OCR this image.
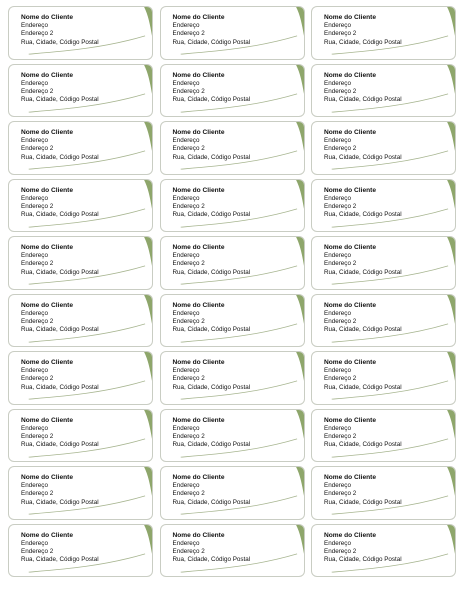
Nome do Cliente
Endereço
Endereço 2
Rua, Cidade, Código Postal
Nome do Cliente
Endereço
Endereço 2
Rua, Cidade, Código Postal
Nome do Cliente
Endereço
Endereço 2
Rua, Cidade, Código Postal
Nome do Cliente
Endereço
Endereço 2
Rua, Cidade, Código Postal
Nome do Cliente
Endereço
Endereço 2
Rua, Cidade, Código Postal
Nome do Cliente
Endereço
Endereço 2
Rua, Cidade, Código Postal
Nome do Cliente
Endereço
Endereço 2
Rua, Cidade, Código Postal
Nome do Cliente
Endereço
Endereço 2
Rua, Cidade, Código Postal
Nome do Cliente
Endereço
Endereço 2
Rua, Cidade, Código Postal
Nome do Cliente
Endereço
Endereço 2
Rua, Cidade, Código Postal
Nome do Cliente
Endereço
Endereço 2
Rua, Cidade, Código Postal
Nome do Cliente
Endereço
Endereço 2
Rua, Cidade, Código Postal
Nome do Cliente
Endereço
Endereço 2
Rua, Cidade, Código Postal
Nome do Cliente
Endereço
Endereço 2
Rua, Cidade, Código Postal
Nome do Cliente
Endereço
Endereço 2
Rua, Cidade, Código Postal
Nome do Cliente
Endereço
Endereço 2
Rua, Cidade, Código Postal
Nome do Cliente
Endereço
Endereço 2
Rua, Cidade, Código Postal
Nome do Cliente
Endereço
Endereço 2
Rua, Cidade, Código Postal
Nome do Cliente
Endereço
Endereço 2
Rua, Cidade, Código Postal
Nome do Cliente
Endereço
Endereço 2
Rua, Cidade, Código Postal
Nome do Cliente
Endereço
Endereço 2
Rua, Cidade, Código Postal
Nome do Cliente
Endereço
Endereço 2
Rua, Cidade, Código Postal
Nome do Cliente
Endereço
Endereço 2
Rua, Cidade, Código Postal
Nome do Cliente
Endereço
Endereço 2
Rua, Cidade, Código Postal
Nome do Cliente
Endereço
Endereço 2
Rua, Cidade, Código Postal
Nome do Cliente
Endereço
Endereço 2
Rua, Cidade, Código Postal
Nome do Cliente
Endereço
Endereço 2
Rua, Cidade, Código Postal
Nome do Cliente
Endereço
Endereço 2
Rua, Cidade, Código Postal
Nome do Cliente
Endereço
Endereço 2
Rua, Cidade, Código Postal
Nome do Cliente
Endereço
Endereço 2
Rua, Cidade, Código Postal
